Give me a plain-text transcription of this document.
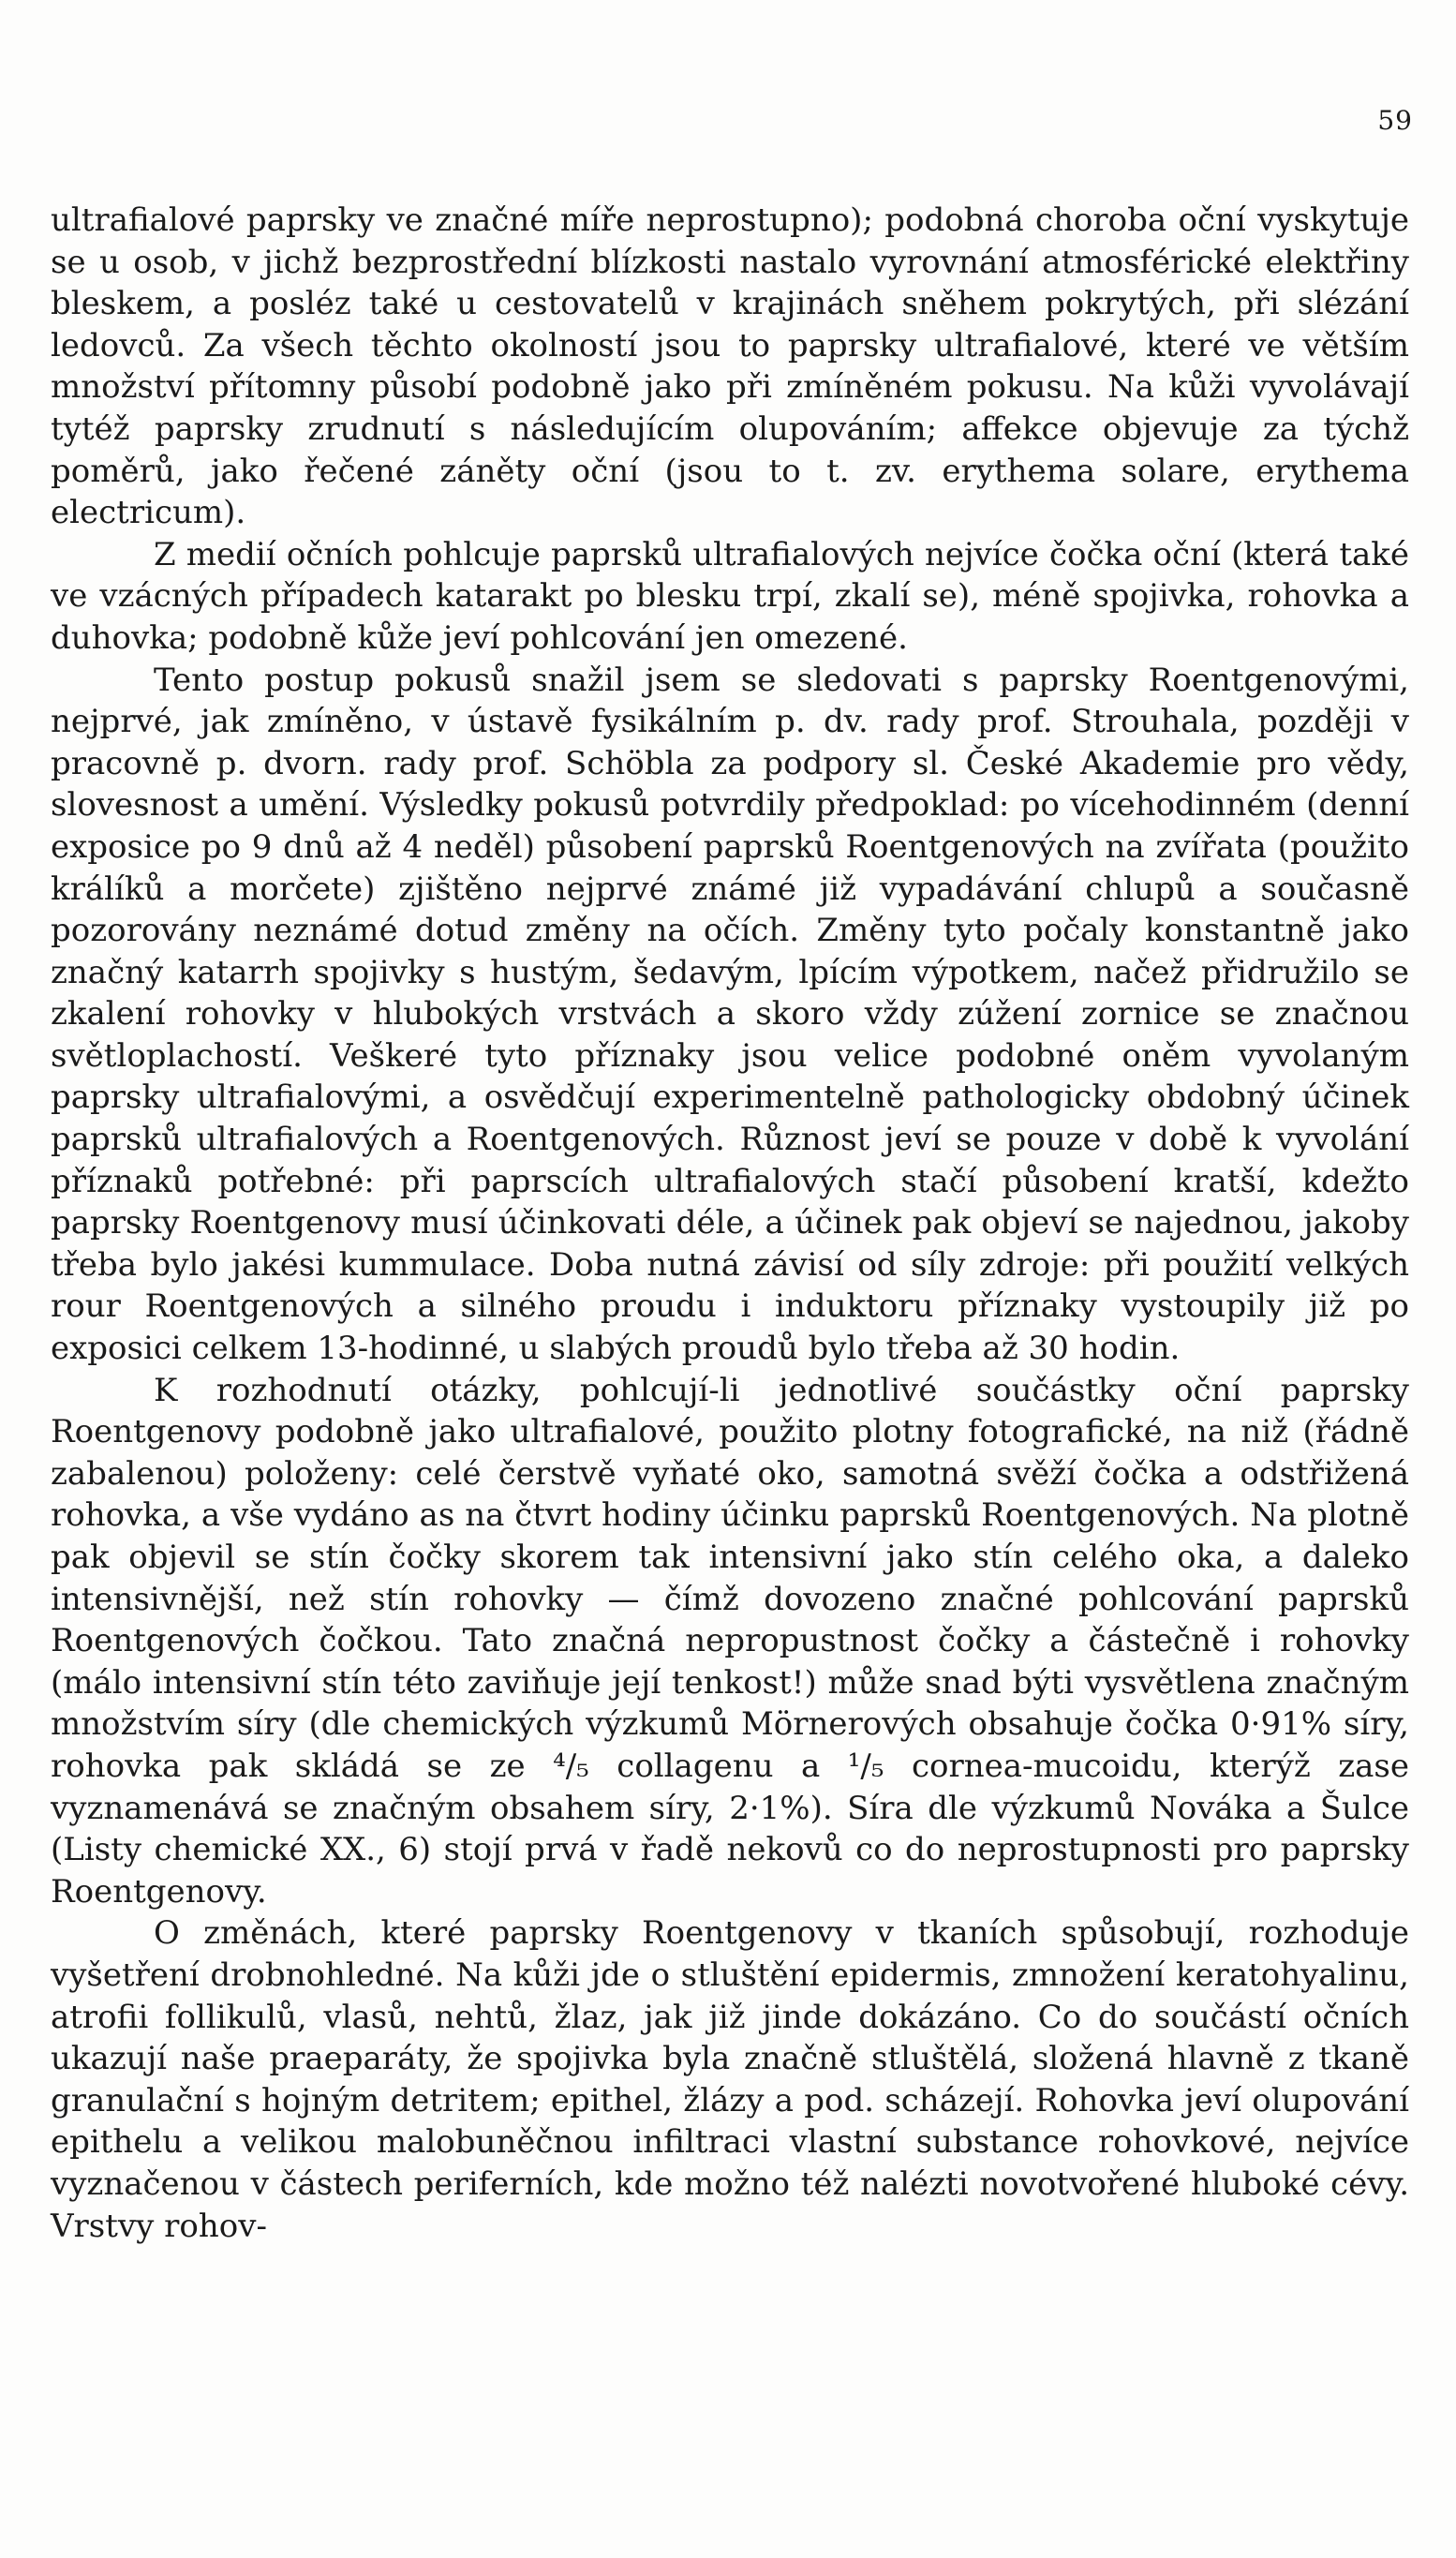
59

ultrafialové paprsky ve značné míře neprostupno); podobná choroba oční vyskytuje se u osob, v jichž bezprostřední blízkosti nastalo vyrovnání atmosférické elektřiny bleskem, a posléz také u cestovatelů v krajinách sněhem pokrytých, při slézání ledovců. Za všech těchto okolností jsou to paprsky ultrafialové, které ve větším množství přítomny působí podobně jako při zmíněném pokusu. Na kůži vyvolávají tytéž paprsky zrudnutí s následujícím olupováním; affekce objevuje za týchž poměrů, jako řečené záněty oční (jsou to t. zv. erythema solare, erythema electricum).

Z medií očních pohlcuje paprsků ultrafialových nejvíce čočka oční (která také ve vzácných případech katarakt po blesku trpí, zkalí se), méně spojivka, rohovka a duhovka; podobně kůže jeví pohlcování jen omezené.

Tento postup pokusů snažil jsem se sledovati s paprsky Roentgenovými, nejprvé, jak zmíněno, v ústavě fysikálním p. dv. rady prof. Strouhala, později v pracovně p. dvorn. rady prof. Schöbla za podpory sl. České Akademie pro vědy, slovesnost a umění. Výsledky pokusů potvrdily předpoklad: po vícehodinném (denní exposice po 9 dnů až 4 neděl) působení paprsků Roentgenových na zvířata (použito králíků a morčete) zjištěno nejprvé známé již vypadávání chlupů a současně pozorovány neznámé dotud změny na očích. Změny tyto počaly konstantně jako značný katarrh spojivky s hustým, šedavým, lpícím výpotkem, načež přidružilo se zkalení rohovky v hlubokých vrstvách a skoro vždy zúžení zornice se značnou světloplachostí. Veškeré tyto příznaky jsou velice podobné oněm vyvolaným paprsky ultrafialovými, a osvědčují experimentelně pathologicky obdobný účinek paprsků ultrafialových a Roentgenových. Různost jeví se pouze v době k vyvolání příznaků potřebné: při paprscích ultrafialových stačí působení kratší, kdežto paprsky Roentgenovy musí účinkovati déle, a účinek pak objeví se najednou, jakoby třeba bylo jakési kummulace. Doba nutná závisí od síly zdroje: při použití velkých rour Roentgenových a silného proudu i induktoru příznaky vystoupily již po exposici celkem 13-hodinné, u slabých proudů bylo třeba až 30 hodin.

K rozhodnutí otázky, pohlcují-li jednotlivé součástky oční paprsky Roentgenovy podobně jako ultrafialové, použito plotny fotografické, na niž (řádně zabalenou) položeny: celé čerstvě vyňaté oko, samotná svěží čočka a odstřižená rohovka, a vše vydáno as na čtvrt hodiny účinku paprsků Roentgenových. Na plotně pak objevil se stín čočky skorem tak intensivní jako stín celého oka, a daleko intensivnější, než stín rohovky — čímž dovozeno značné pohlcování paprsků Roentgenových čočkou. Tato značná nepropustnost čočky a částečně i rohovky (málo intensivní stín této zaviňuje její tenkost!) může snad býti vysvětlena značným množstvím síry (dle chemických výzkumů Mörnerových obsahuje čočka 0·91% síry, rohovka pak skládá se ze ⁴/₅ collagenu a ¹/₅ cornea-mucoidu, kterýž zase vyznamenává se značným obsahem síry, 2·1%). Síra dle výzkumů Nováka a Šulce (Listy chemické XX., 6) stojí prvá v řadě nekovů co do neprostupnosti pro paprsky Roentgenovy.

O změnách, které paprsky Roentgenovy v tkaních spůsobují, rozhoduje vyšetření drobnohledné. Na kůži jde o stluštění epidermis, zmnožení keratohyalinu, atrofii follikulů, vlasů, nehtů, žlaz, jak již jinde dokázáno. Co do součástí očních ukazují naše praeparáty, že spojivka byla značně stluštělá, složená hlavně z tkaně granulační s hojným detritem; epithel, žlázy a pod. scházejí. Rohovka jeví olupování epithelu a velikou malobuněčnou infiltraci vlastní substance rohovkové, nejvíce vyznačenou v částech periferních, kde možno též nalézti novotvořené hluboké cévy. Vrstvy rohov-
